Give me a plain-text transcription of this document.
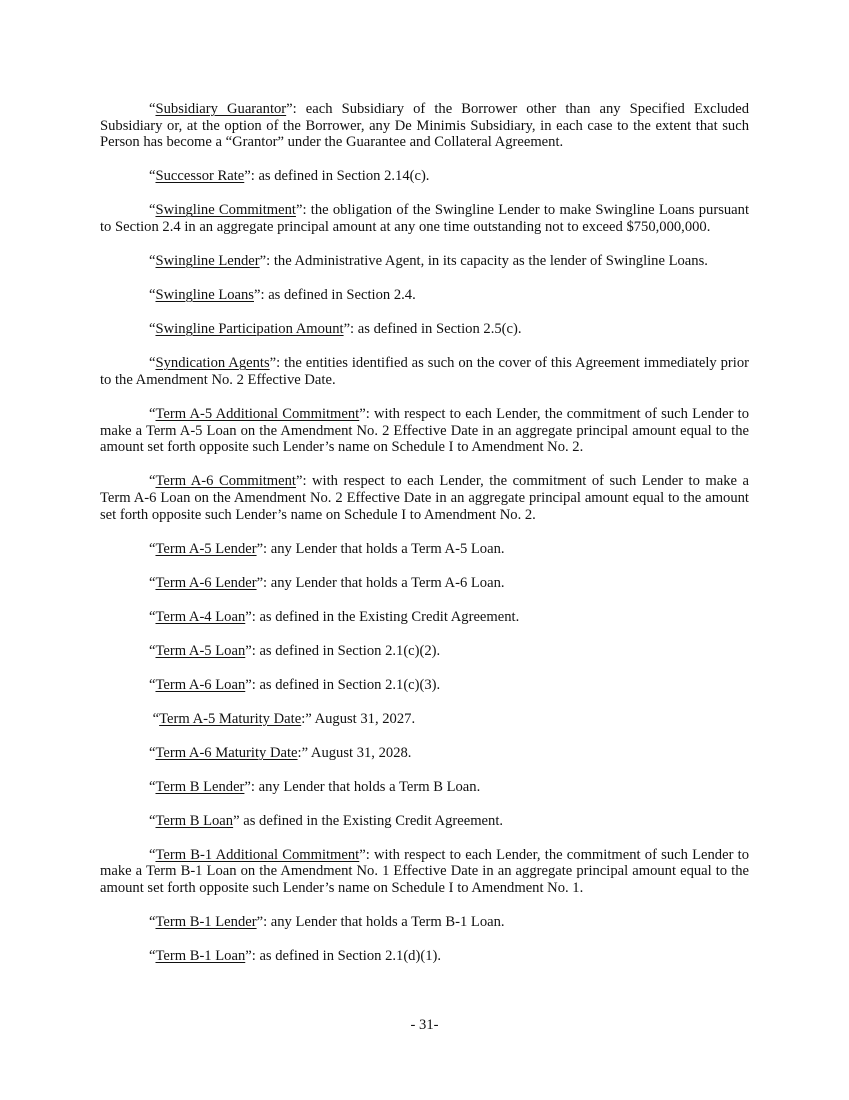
“Subsidiary Guarantor”: each Subsidiary of the Borrower other than any Specified Excluded Subsidiary or, at the option of the Borrower, any De Minimis Subsidiary, in each case to the extent that such Person has become a “Grantor” under the Guarantee and Collateral Agreement.

“Successor Rate”: as defined in Section 2.14(c).

“Swingline Commitment”: the obligation of the Swingline Lender to make Swingline Loans pursuant to Section 2.4 in an aggregate principal amount at any one time outstanding not to exceed $750,000,000.

“Swingline Lender”: the Administrative Agent, in its capacity as the lender of Swingline Loans.

“Swingline Loans”: as defined in Section 2.4.

“Swingline Participation Amount”: as defined in Section 2.5(c).

“Syndication Agents”: the entities identified as such on the cover of this Agreement immediately prior to the Amendment No. 2 Effective Date.

“Term A-5 Additional Commitment”: with respect to each Lender, the commitment of such Lender to make a Term A-5 Loan on the Amendment No. 2 Effective Date in an aggregate principal amount equal to the amount set forth opposite such Lender’s name on Schedule I to Amendment No. 2.

“Term A-6 Commitment”: with respect to each Lender, the commitment of such Lender to make a Term A-6 Loan on the Amendment No. 2 Effective Date in an aggregate principal amount equal to the amount set forth opposite such Lender’s name on Schedule I to Amendment No. 2.

“Term A-5 Lender”: any Lender that holds a Term A-5 Loan.

“Term A-6 Lender”: any Lender that holds a Term A-6 Loan.

“Term A-4 Loan”: as defined in the Existing Credit Agreement.

“Term A-5 Loan”: as defined in Section 2.1(c)(2).

“Term A-6 Loan”: as defined in Section 2.1(c)(3).

“Term A-5 Maturity Date:” August 31, 2027.

“Term A-6 Maturity Date:” August 31, 2028.

“Term B Lender”: any Lender that holds a Term B Loan.

“Term B Loan” as defined in the Existing Credit Agreement.

“Term B-1 Additional Commitment”: with respect to each Lender, the commitment of such Lender to make a Term B-1 Loan on the Amendment No. 1 Effective Date in an aggregate principal amount equal to the amount set forth opposite such Lender’s name on Schedule I to Amendment No. 1.

“Term B-1 Lender”: any Lender that holds a Term B-1 Loan.

“Term B-1 Loan”: as defined in Section 2.1(d)(1).

- 31-
